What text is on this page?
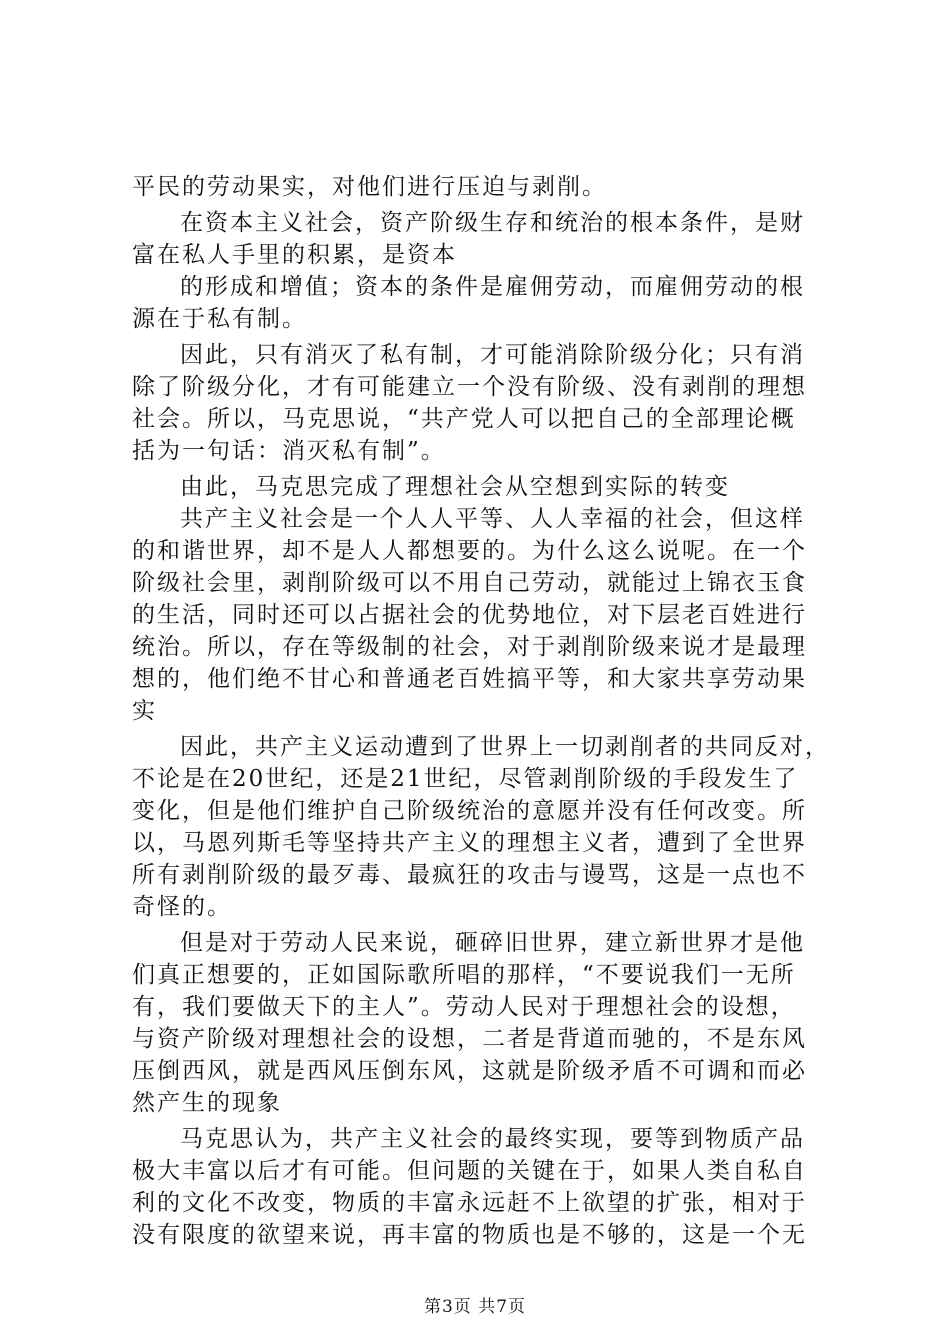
平民的劳动果实，对他们进行压迫与剥削。
在资本主义社会，资产阶级生存和统治的根本条件，是财
富在私人手里的积累，是资本
的形成和增值；资本的条件是雇佣劳动，而雇佣劳动的根
源在于私有制。
因此，只有消灭了私有制，才可能消除阶级分化；只有消
除了阶级分化，才有可能建立一个没有阶级、没有剥削的理想
社会。所以，马克思说，“共产党人可以把自己的全部理论概
括为一句话：消灭私有制”。
由此，马克思完成了理想社会从空想到实际的转变
共产主义社会是一个人人平等、人人幸福的社会，但这样
的和谐世界，却不是人人都想要的。为什么这么说呢。在一个
阶级社会里，剥削阶级可以不用自己劳动，就能过上锦衣玉食
的生活，同时还可以占据社会的优势地位，对下层老百姓进行
统治。所以，存在等级制的社会，对于剥削阶级来说才是最理
想的，他们绝不甘心和普通老百姓搞平等，和大家共享劳动果
实
因此，共产主义运动遭到了世界上一切剥削者的共同反对，
不论是在20世纪，还是21世纪，尽管剥削阶级的手段发生了
变化，但是他们维护自己阶级统治的意愿并没有任何改变。所
以，马恩列斯毛等坚持共产主义的理想主义者，遭到了全世界
所有剥削阶级的最歹毒、最疯狂的攻击与谩骂，这是一点也不
奇怪的。
但是对于劳动人民来说，砸碎旧世界，建立新世界才是他
们真正想要的，正如国际歌所唱的那样，“不要说我们一无所
有，我们要做天下的主人”。劳动人民对于理想社会的设想，
与资产阶级对理想社会的设想，二者是背道而驰的，不是东风
压倒西风，就是西风压倒东风，这就是阶级矛盾不可调和而必
然产生的现象
马克思认为，共产主义社会的最终实现，要等到物质产品
极大丰富以后才有可能。但问题的关键在于，如果人类自私自
利的文化不改变，物质的丰富永远赶不上欲望的扩张，相对于
没有限度的欲望来说，再丰富的物质也是不够的，这是一个无
第3页 共7页
